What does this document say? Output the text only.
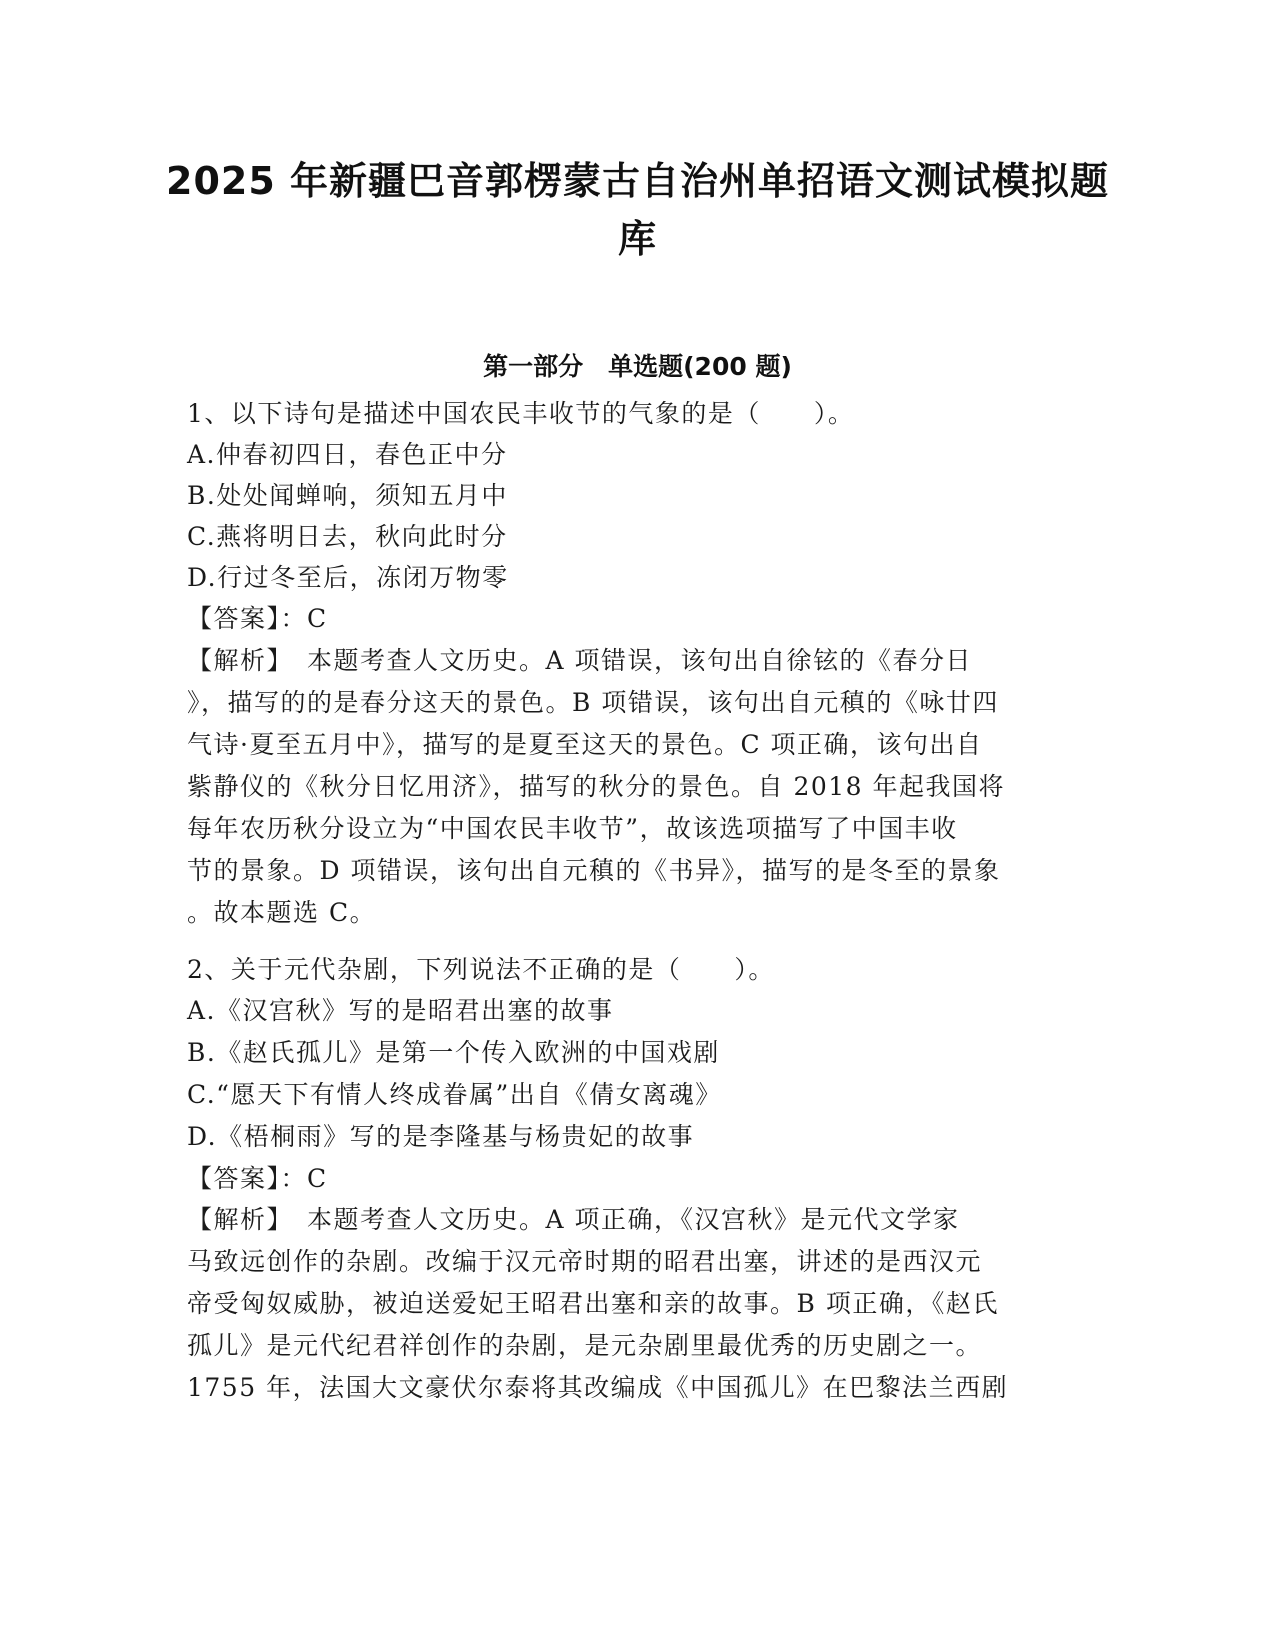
2025 年新疆巴音郭楞蒙古自治州单招语文测试模拟题
库
第一部分　单选题(200 题)
1、以下诗句是描述中国农民丰收节的气象的是（　　）。
A.仲春初四日，春色正中分
B.处处闻蝉响，须知五月中
C.燕将明日去，秋向此时分
D.行过冬至后，冻闭万物零
【答案】：C
【解析】　本题考查人文历史。A 项错误，该句出自徐铉的《春分日
》，描写的的是春分这天的景色。B 项错误，该句出自元稹的《咏廿四
气诗·夏至五月中》，描写的是夏至这天的景色。C 项正确，该句出自
紫静仪的《秋分日忆用济》，描写的秋分的景色。自 2018 年起我国将
每年农历秋分设立为“中国农民丰收节”，故该选项描写了中国丰收
节的景象。D 项错误，该句出自元稹的《书异》，描写的是冬至的景象
。故本题选 C。
2、关于元代杂剧，下列说法不正确的是（　　）。
A.《汉宫秋》写的是昭君出塞的故事
B.《赵氏孤儿》是第一个传入欧洲的中国戏剧
C.“愿天下有情人终成眷属”出自《倩女离魂》
D.《梧桐雨》写的是李隆基与杨贵妃的故事
【答案】：C
【解析】　本题考查人文历史。A 项正确，《汉宫秋》是元代文学家
马致远创作的杂剧。改编于汉元帝时期的昭君出塞，讲述的是西汉元
帝受匈奴威胁，被迫送爱妃王昭君出塞和亲的故事。B 项正确，《赵氏
孤儿》是元代纪君祥创作的杂剧，是元杂剧里最优秀的历史剧之一。
1755 年，法国大文豪伏尔泰将其改编成《中国孤儿》在巴黎法兰西剧
